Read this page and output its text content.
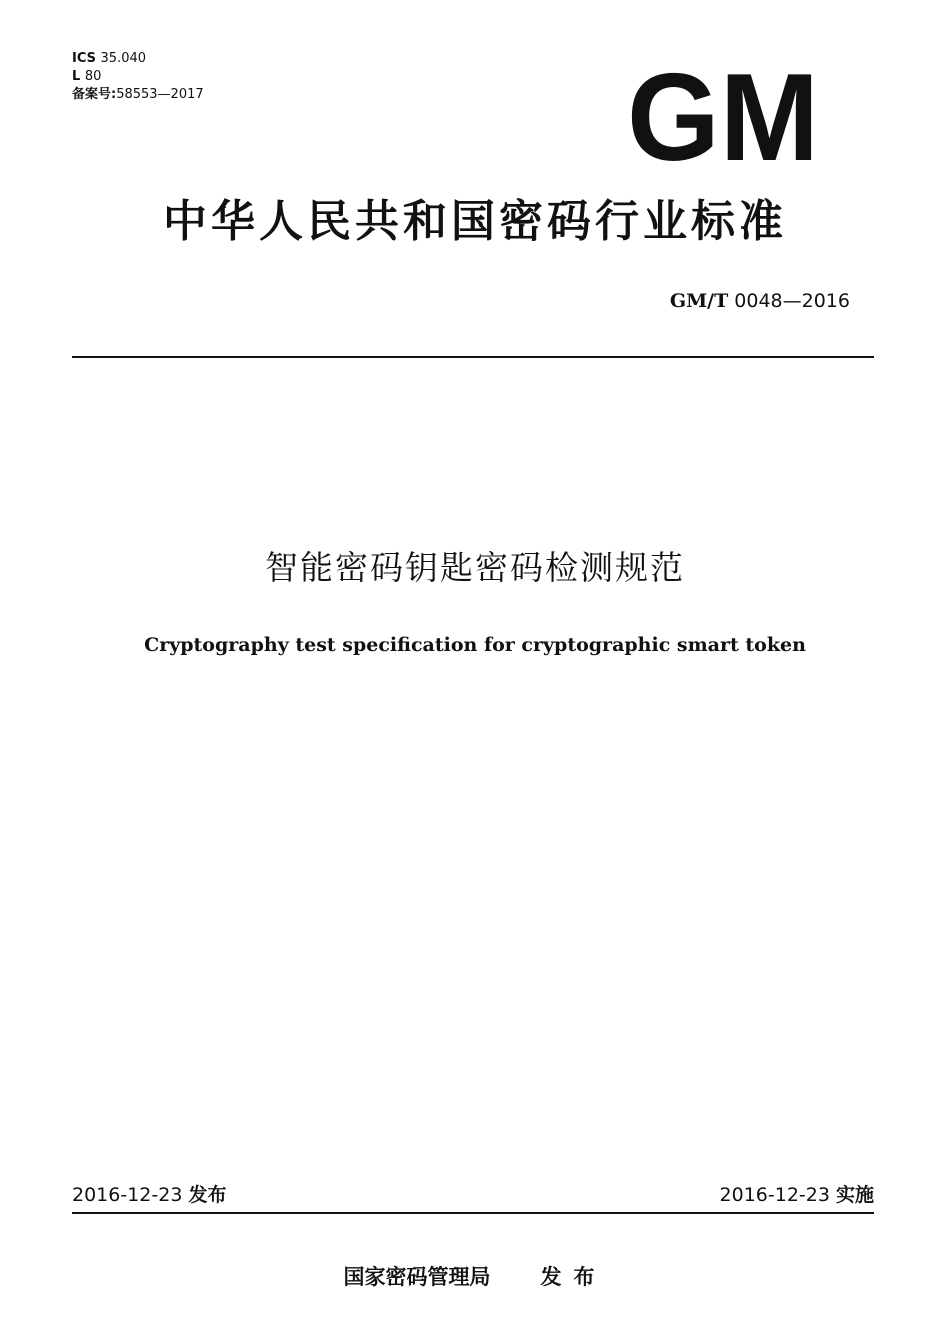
ICS 35.040
L 80
备案号:58553—2017	GM
中华人民共和国密码行业标准
GM/T 0048—2016
智能密码钥匙密码检测规范
Cryptography test specification for cryptographic smart token
2016-12-23 发布	2016-12-23 实施
国家密码管理局 发布
